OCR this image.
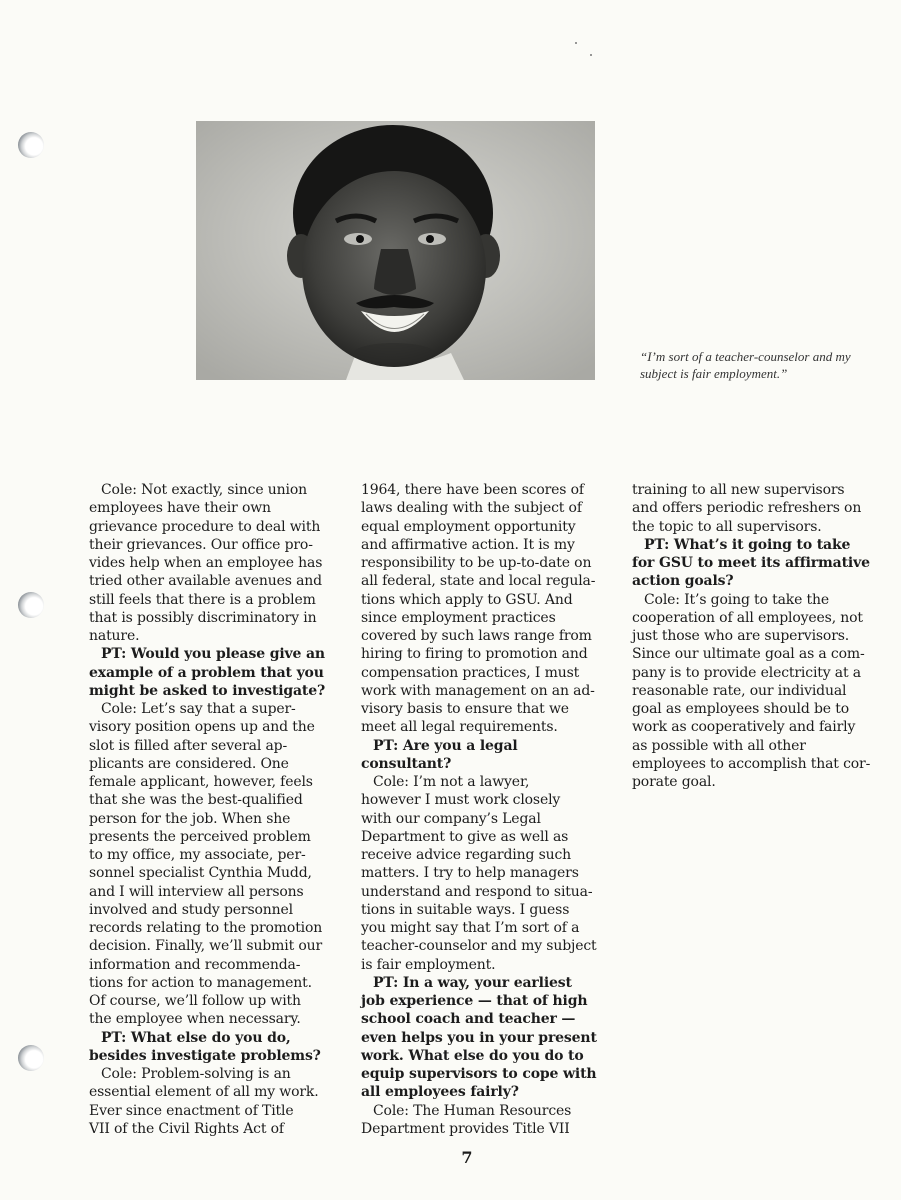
“I’m sort of a teacher-counselor and my subject is fair employment.”
Cole: Not exactly, since union
employees have their own
grievance procedure to deal with
their grievances. Our office pro-
vides help when an employee has
tried other available avenues and
still feels that there is a problem
that is possibly discriminatory in
nature.
PT: Would you please give an
example of a problem that you
might be asked to investigate?
Cole: Let’s say that a super-
visory position opens up and the
slot is filled after several ap-
plicants are considered. One
female applicant, however, feels
that she was the best-qualified
person for the job. When she
presents the perceived problem
to my office, my associate, per-
sonnel specialist Cynthia Mudd,
and I will interview all persons
involved and study personnel
records relating to the promotion
decision. Finally, we’ll submit our
information and recommenda-
tions for action to management.
Of course, we’ll follow up with
the employee when necessary.
PT: What else do you do,
besides investigate problems?
Cole: Problem-solving is an
essential element of all my work.
Ever since enactment of Title
VII of the Civil Rights Act of
1964, there have been scores of
laws dealing with the subject of
equal employment opportunity
and affirmative action. It is my
responsibility to be up-to-date on
all federal, state and local regula-
tions which apply to GSU. And
since employment practices
covered by such laws range from
hiring to firing to promotion and
compensation practices, I must
work with management on an ad-
visory basis to ensure that we
meet all legal requirements.
PT: Are you a legal
consultant?
Cole: I’m not a lawyer,
however I must work closely
with our company’s Legal
Department to give as well as
receive advice regarding such
matters. I try to help managers
understand and respond to situa-
tions in suitable ways. I guess
you might say that I’m sort of a
teacher-counselor and my subject
is fair employment.
PT: In a way, your earliest
job experience — that of high
school coach and teacher —
even helps you in your present
work. What else do you do to
equip supervisors to cope with
all employees fairly?
Cole: The Human Resources
Department provides Title VII
training to all new supervisors
and offers periodic refreshers on
the topic to all supervisors.
PT: What’s it going to take
for GSU to meet its affirmative
action goals?
Cole: It’s going to take the
cooperation of all employees, not
just those who are supervisors.
Since our ultimate goal as a com-
pany is to provide electricity at a
reasonable rate, our individual
goal as employees should be to
work as cooperatively and fairly
as possible with all other
employees to accomplish that cor-
porate goal.
7
